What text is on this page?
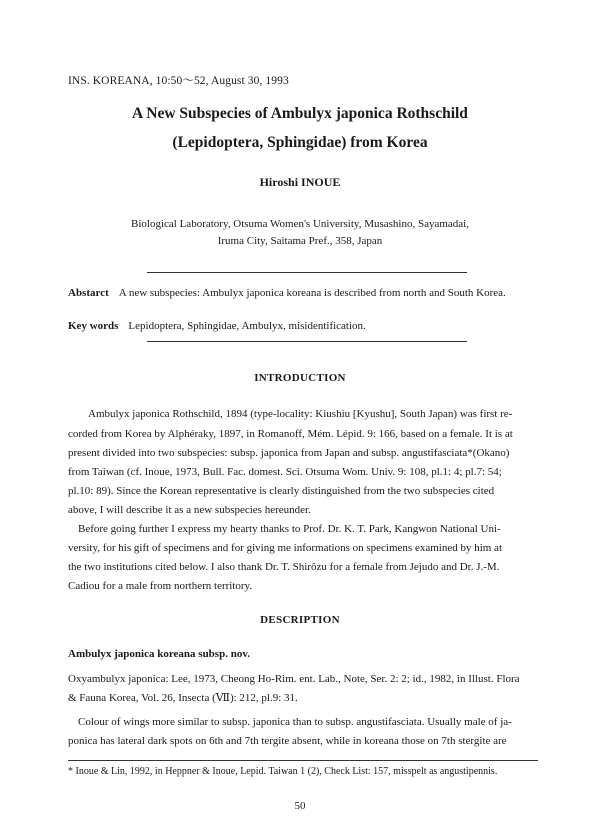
INS. KOREANA, 10:50～52, August 30, 1993
A New Subspecies of Ambulyx japonica Rothschild
(Lepidoptera, Sphingidae) from Korea
Hiroshi INOUE
Biological Laboratory, Otsuma Women's University, Musashino, Sayamadai,
Iruma City, Saitama Pref., 358, Japan
Abstarct A new subspecies: Ambulyx japonica koreana is described from north and South Korea.
Key words Lepidoptera, Sphingidae, Ambulyx, misidentification.
INTRODUCTION
Ambulyx japonica Rothschild, 1894 (type-locality: Kiushiu [Kyushu], South Japan) was first re-
corded from Korea by Alphéraky, 1897, in Romanoff, Mém. Lépid. 9: 166, based on a female. It is at
present divided into two subspecies: subsp. japonica from Japan and subsp. angustifasciata*(Okano)
from Taiwan (cf. Inoue, 1973, Bull. Fac. domest. Sci. Otsuma Wom. Univ. 9: 108, pl.1: 4; pl.7: 54;
pl.10: 89). Since the Korean representative is clearly distinguished from the two subspecies cited
above, I will describe it as a new subspecies hereunder.
Before going further I express my hearty thanks to Prof. Dr. K. T. Park, Kangwon National Uni-
versity, for his gift of specimens and for giving me informations on specimens examined by him at
the two institutions cited below. I also thank Dr. T. Shirôzu for a female from Jejudo and Dr. J.-M.
Cadiou for a male from northern territory.
DESCRIPTION
Ambulyx japonica koreana subsp. nov.
Oxyambulyx japonica: Lee, 1973, Cheong Ho-Rim. ent. Lab., Note, Ser. 2: 2; id., 1982, in Illust. Flora
& Fauna Korea, Vol. 26, Insecta (Ⅶ): 212, pl.9: 31.
Colour of wings more similar to subsp. japonica than to subsp. angustifasciata. Usually male of ja-
ponica has lateral dark spots on 6th and 7th tergite absent, while in koreana those on 7th stergite are
* Inoue & Lin, 1992, in Heppner & Inoue, Lepid. Taiwan 1 (2), Check List: 157, misspelt as angustipennis.
50
